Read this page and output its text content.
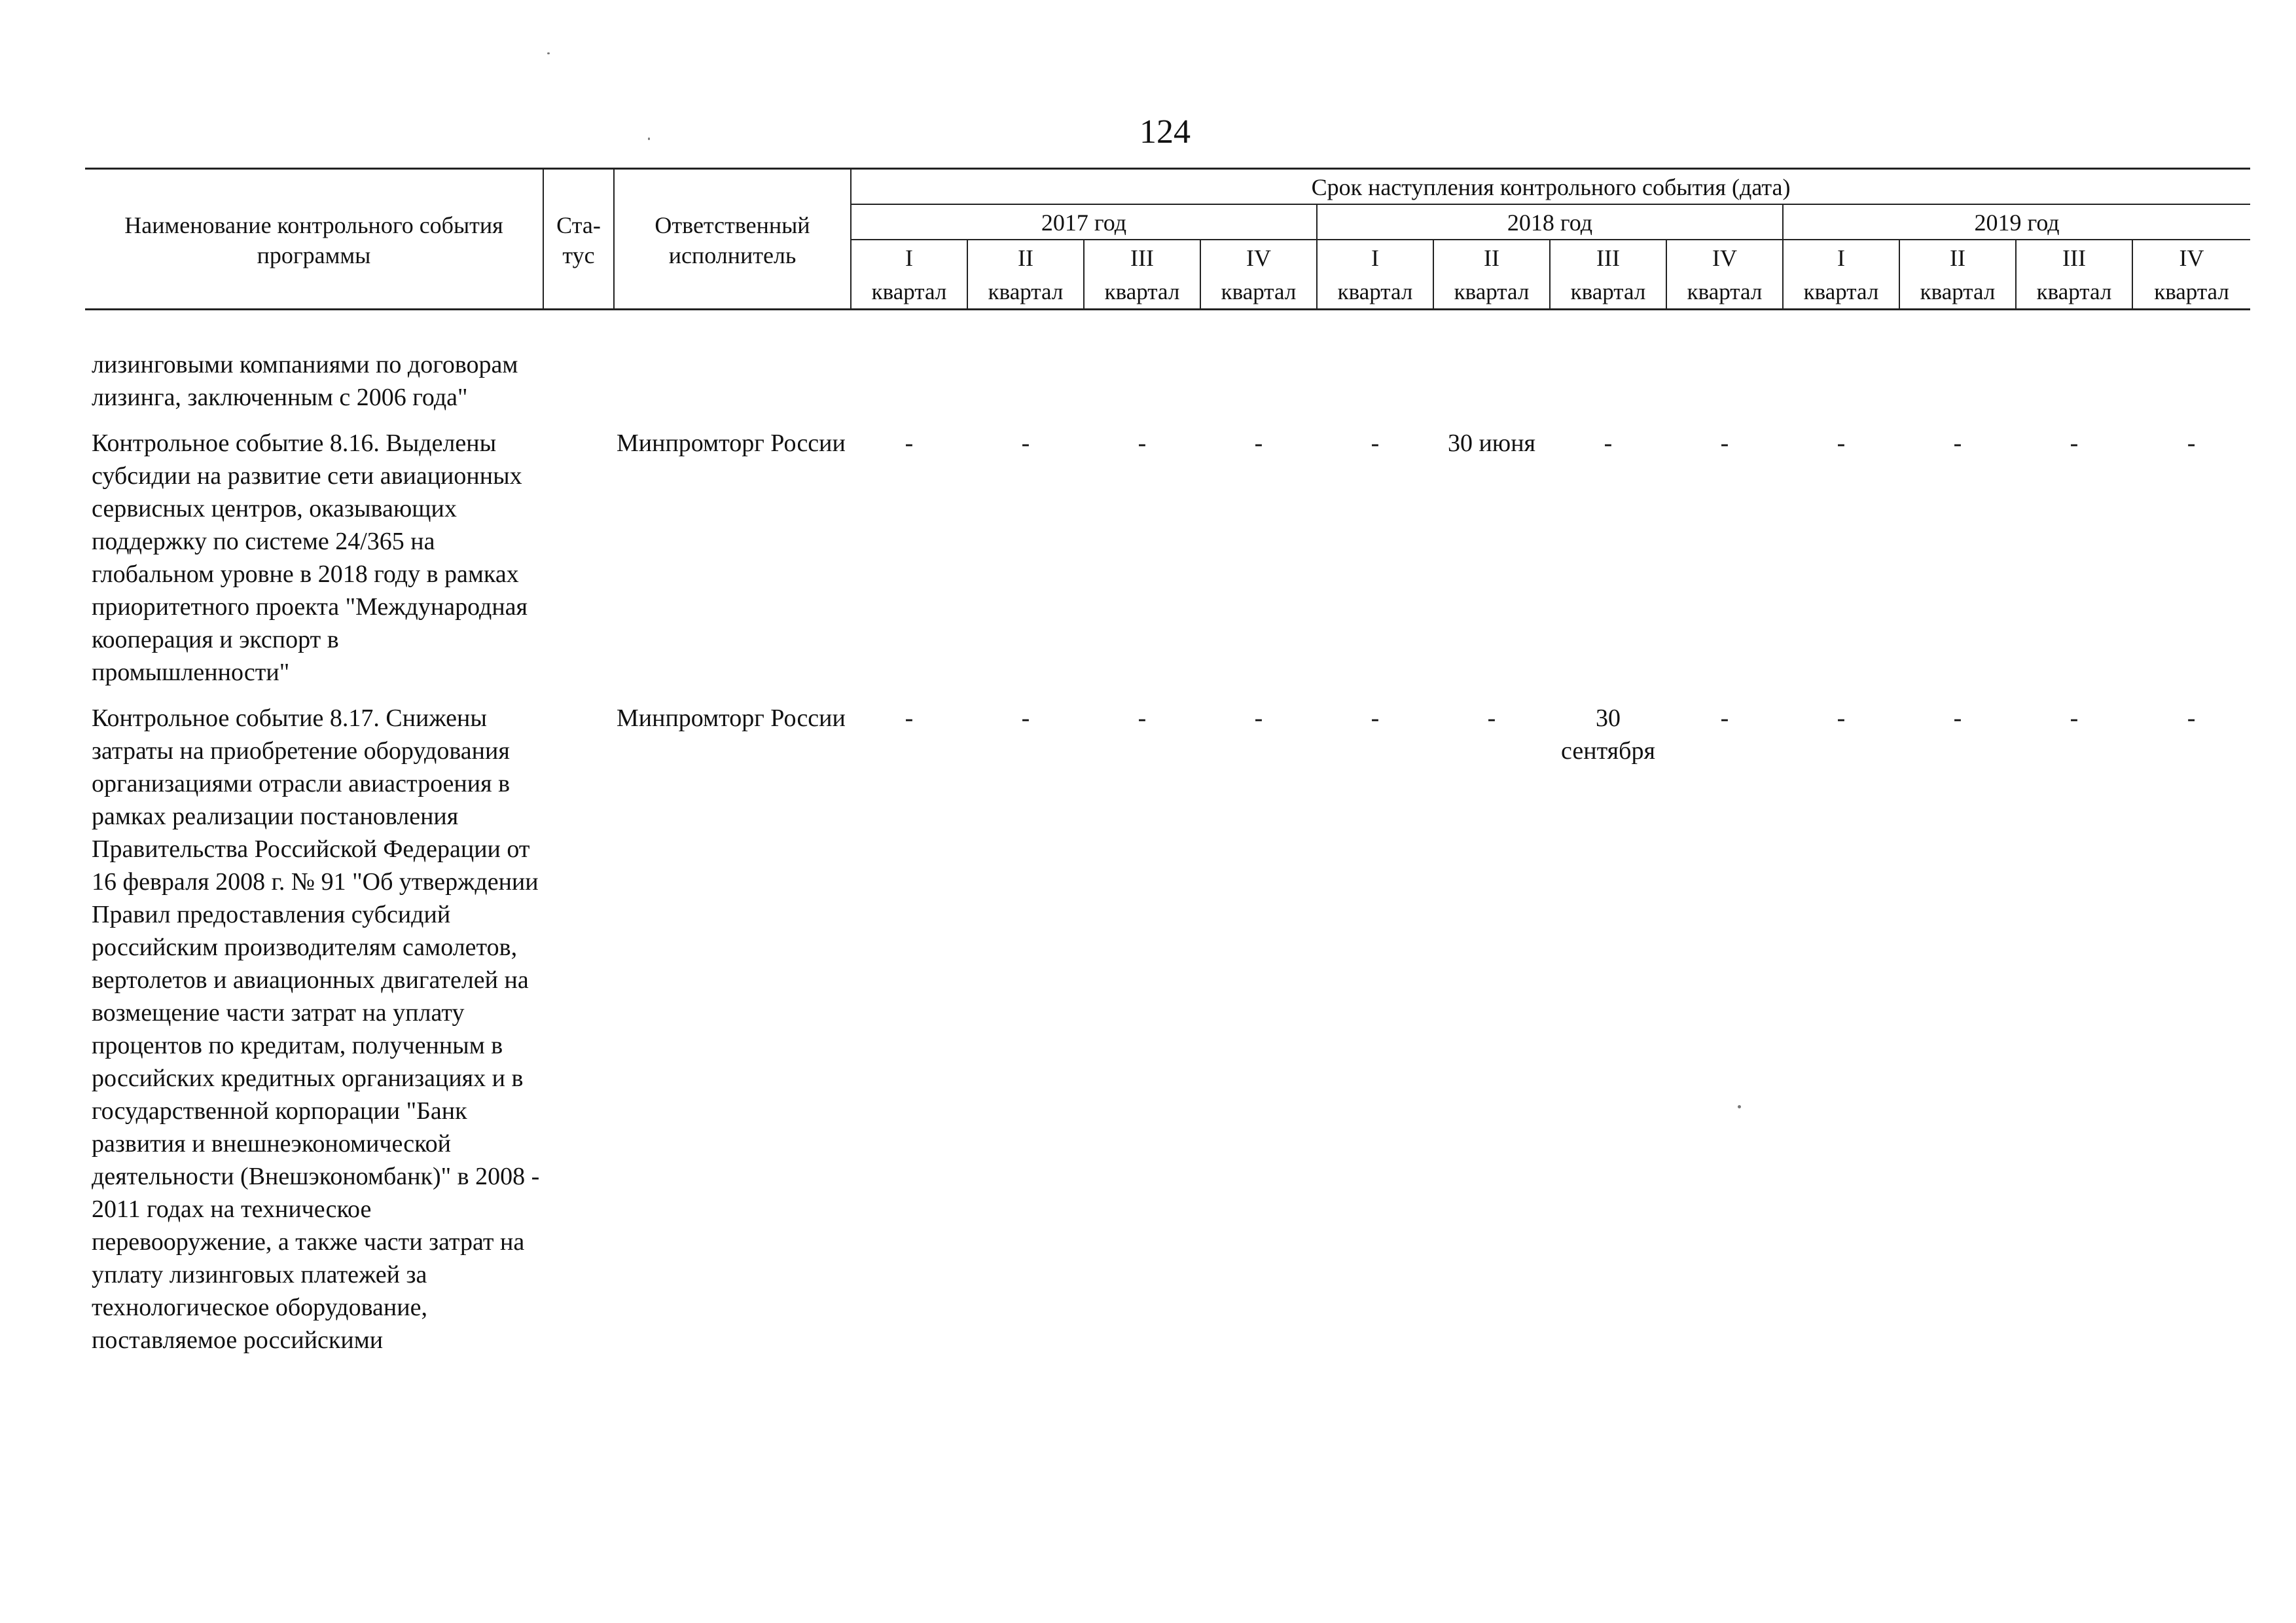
124
Наименование контрольного события программы	Ста-тус	Ответственный исполнитель	Срок наступления контрольного события (дата)											
			2017 год				2018 год				2019 год			
			I	II	III	IV	I	II	III	IV	I	II	III	IV
			квартал	квартал	квартал	квартал	квартал	квартал	квартал	квартал	квартал	квартал	квартал	квартал

лизинговыми компаниями по договорам лизинга, заключенным с 2006 года"														

Контрольное событие 8.16. Выделены субсидии на развитие сети авиационных сервисных центров, оказывающих поддержку по системе 24/365 на глобальном уровне в 2018 году в рамках приоритетного проекта "Международная кооперация и экспорт в промышленности"		Минпромторг России	-	-	-	-	-	30 июня	-	-	-	-	-	-

Контрольное событие 8.17. Снижены затраты на приобретение оборудования организациями отрасли авиастроения в рамках реализации постановления Правительства Российской Федерации от 16 февраля 2008 г. № 91 "Об утверждении Правил предоставления субсидий российским производителям самолетов, вертолетов и авиационных двигателей на возмещение части затрат на уплату процентов по кредитам, полученным в российских кредитных организациях и в государственной корпорации "Банк развития и внешнеэкономической деятельности (Внешэкономбанк)" в 2008 - 2011 годах на техническое перевооружение, а также части затрат на уплату лизинговых платежей за технологическое оборудование, поставляемое российскими		Минпромторг России	-	-	-	-	-	-	30 сентября	-	-	-	-	-
